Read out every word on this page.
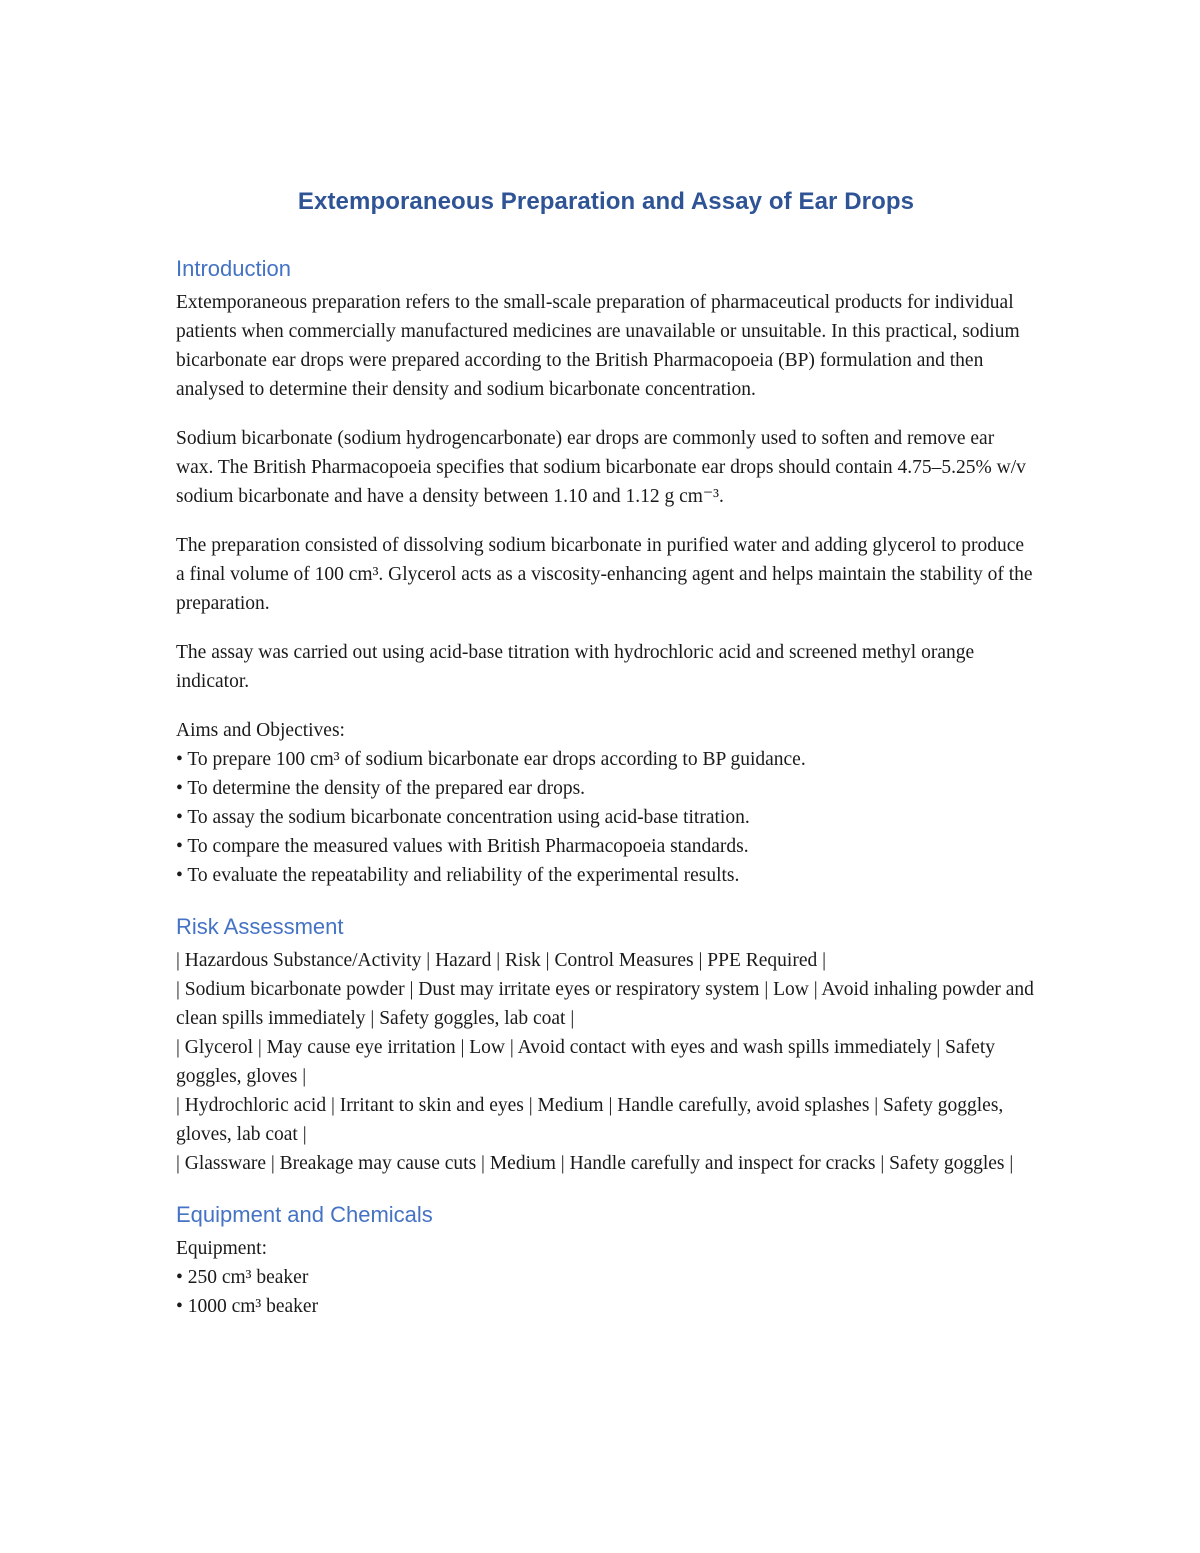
Extemporaneous Preparation and Assay of Ear Drops
Introduction

Extemporaneous preparation refers to the small-scale preparation of pharmaceutical products for individual patients when commercially manufactured medicines are unavailable or unsuitable. In this practical, sodium bicarbonate ear drops were prepared according to the British Pharmacopoeia (BP) formulation and then analysed to determine their density and sodium bicarbonate concentration.

Sodium bicarbonate (sodium hydrogencarbonate) ear drops are commonly used to soften and remove ear wax. The British Pharmacopoeia specifies that sodium bicarbonate ear drops should contain 4.75–5.25% w/v sodium bicarbonate and have a density between 1.10 and 1.12 g cm⁻³.

The preparation consisted of dissolving sodium bicarbonate in purified water and adding glycerol to produce a final volume of 100 cm³. Glycerol acts as a viscosity-enhancing agent and helps maintain the stability of the preparation.

The assay was carried out using acid-base titration with hydrochloric acid and screened methyl orange indicator.

Aims and Objectives:
• To prepare 100 cm³ of sodium bicarbonate ear drops according to BP guidance.
• To determine the density of the prepared ear drops.
• To assay the sodium bicarbonate concentration using acid-base titration.
• To compare the measured values with British Pharmacopoeia standards.
• To evaluate the repeatability and reliability of the experimental results.
Risk Assessment

| Hazardous Substance/Activity | Hazard | Risk | Control Measures | PPE Required |

| Sodium bicarbonate powder | Dust may irritate eyes or respiratory system | Low | Avoid inhaling powder and clean spills immediately | Safety goggles, lab coat |

| Glycerol | May cause eye irritation | Low | Avoid contact with eyes and wash spills immediately | Safety goggles, gloves |

| Hydrochloric acid | Irritant to skin and eyes | Medium | Handle carefully, avoid splashes | Safety goggles, gloves, lab coat |

| Glassware | Breakage may cause cuts | Medium | Handle carefully and inspect for cracks | Safety goggles |

Equipment and Chemicals
Equipment:
• 250 cm³ beaker
• 1000 cm³ beaker
